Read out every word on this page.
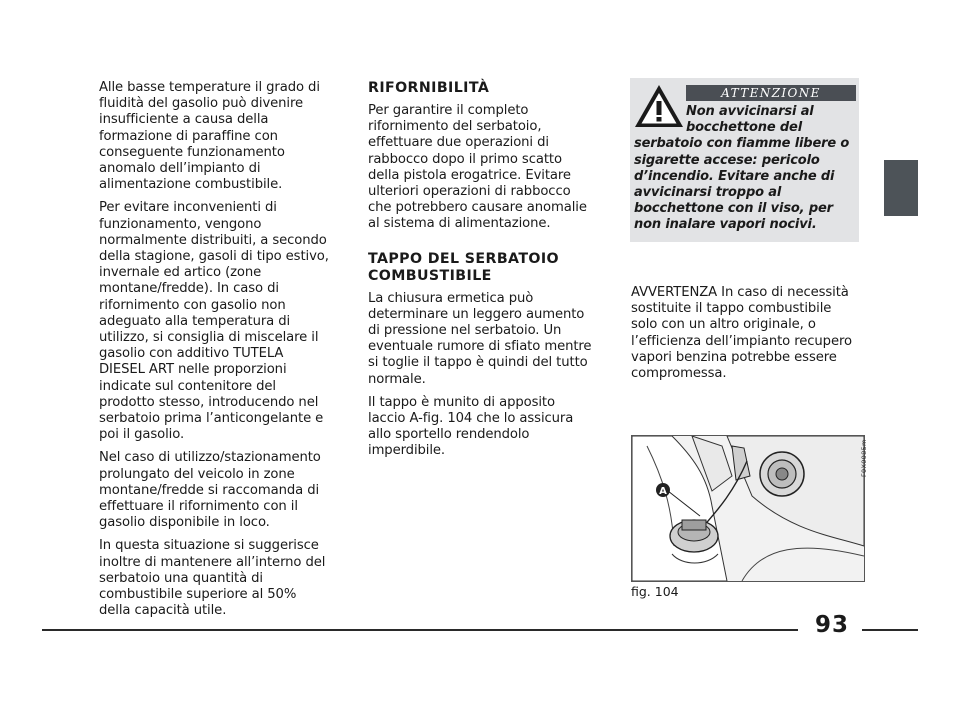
Alle basse temperature il grado di fluidità del gasolio può divenire insufficiente a causa della formazione di paraffine con conseguente funzionamento anomalo dell’impianto di alimentazione combustibile.

Per evitare inconvenienti di funzionamento, vengono normalmente distribuiti, a secondo della stagione, gasoli di tipo estivo, invernale ed artico (zone montane/fredde). In caso di rifornimento con gasolio non adeguato alla temperatura di utilizzo, si consiglia di miscelare il gasolio con additivo TUTELA DIESEL ART nelle proporzioni indicate sul contenitore del prodotto stesso, introducendo nel serbatoio prima l’anticongelante e poi il gasolio.

Nel caso di utilizzo/stazionamento prolungato del veicolo in zone montane/fredde si raccomanda di effettuare il rifornimento con il gasolio disponibile in loco.

In questa situazione si suggerisce inoltre di mantenere all’interno del serbatoio una quantità di combustibile superiore al 50% della capacità utile.

RIFORNIBILITÀ

Per garantire il completo rifornimento del serbatoio, effettuare due operazioni di rabbocco dopo il primo scatto della pistola erogatrice. Evitare ulteriori operazioni di rabbocco che potrebbero causare anomalie al sistema di alimentazione.

TAPPO DEL SERBATOIO COMBUSTIBILE

La chiusura ermetica può determinare un leggero aumento di pressione nel serbatoio. Un eventuale rumore di sfiato mentre si toglie il tappo è quindi del tutto normale.

Il tappo è munito di apposito laccio A-fig. 104 che lo assicura allo sportello rendendolo imperdibile.

ATTENZIONE
Non avvicinarsi al
bocchettone del
serbatoio con fiamme libere o sigarette accese: pericolo d’incendio. Evitare anche di avvicinarsi troppo al bocchettone con il viso, per non inalare vapori nocivi.

AVVERTENZA In caso di necessità sostituite il tappo combustibile solo con un altro originale, o l’efficienza dell’impianto recupero vapori benzina potrebbe essere compromessa.

A
F0X0085m
fig. 104
93
